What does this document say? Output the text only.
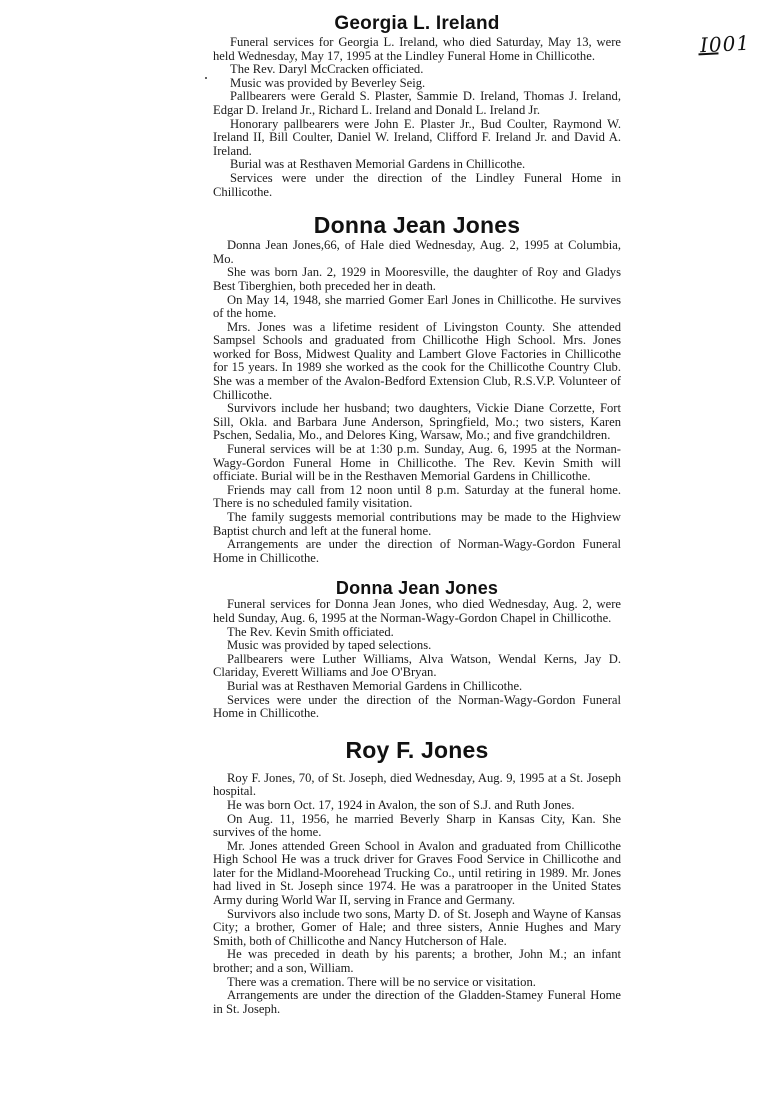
Georgia L. Ireland

Funeral services for Georgia L. Ireland, who died Saturday, May 13, were held Wednesday, May 17, 1995 at the Lindley Funeral Home in Chillicothe.

The Rev. Daryl McCracken officiated.

Music was provided by Beverley Seig.

Pallbearers were Gerald S. Plaster, Sammie D. Ireland, Thomas J. Ireland, Edgar D. Ireland Jr., Richard L. Ireland and Donald L. Ireland Jr.

Honorary pallbearers were John E. Plaster Jr., Bud Coulter, Raymond W. Ireland II, Bill Coulter, Daniel W. Ireland, Clifford F. Ireland Jr. and David A. Ireland.

Burial was at Resthaven Memorial Gardens in Chillicothe.

Services were under the direction of the Lindley Funeral Home in Chillicothe.

Donna Jean Jones

Donna Jean Jones,66, of Hale died Wednesday, Aug. 2, 1995 at Columbia, Mo.

She was born Jan. 2, 1929 in Mooresville, the daughter of Roy and Gladys Best Tiberghien, both preceded her in death.

On May 14, 1948, she married Gomer Earl Jones in Chillicothe. He survives of the home.

Mrs. Jones was a lifetime resident of Livingston County. She attended Sampsel Schools and graduated from Chillicothe High School. Mrs. Jones worked for Boss, Midwest Quality and Lambert Glove Factories in Chillicothe for 15 years. In 1989 she worked as the cook for the Chillicothe Country Club. She was a member of the Avalon-Bedford Extension Club, R.S.V.P. Volunteer of Chillicothe.

Survivors include her husband; two daughters, Vickie Diane Corzette, Fort Sill, Okla. and Barbara June Anderson, Springfield, Mo.; two sisters, Karen Pschen, Sedalia, Mo., and Delores King, Warsaw, Mo.; and five grandchildren.

Funeral services will be at 1:30 p.m. Sunday, Aug. 6, 1995 at the Norman-Wagy-Gordon Funeral Home in Chillicothe. The Rev. Kevin Smith will officiate. Burial will be in the Resthaven Memorial Gardens in Chillicothe.

Friends may call from 12 noon until 8 p.m. Saturday at the funeral home. There is no scheduled family visitation.

The family suggests memorial contributions may be made to the Highview Baptist church and left at the funeral home.

Arrangements are under the direction of Norman-Wagy-Gordon Funeral Home in Chillicothe.

Donna Jean Jones

Funeral services for Donna Jean Jones, who died Wednesday, Aug. 2, were held Sunday, Aug. 6, 1995 at the Norman-Wagy-Gordon Chapel in Chillicothe.

The Rev. Kevin Smith officiated.

Music was provided by taped selections.

Pallbearers were Luther Williams, Alva Watson, Wendal Kerns, Jay D. Clariday, Everett Williams and Joe O'Bryan.

Burial was at Resthaven Memorial Gardens in Chillicothe.

Services were under the direction of the Norman-Wagy-Gordon Funeral Home in Chillicothe.

Roy F. Jones

Roy F. Jones, 70, of St. Joseph, died Wednesday, Aug. 9, 1995 at a St. Joseph hospital.

He was born Oct. 17, 1924 in Avalon, the son of S.J. and Ruth Jones.

On Aug. 11, 1956, he married Beverly Sharp in Kansas City, Kan. She survives of the home.

Mr. Jones attended Green School in Avalon and graduated from Chillicothe High School He was a truck driver for Graves Food Service in Chillicothe and later for the Midland-Moorehead Trucking Co., until retiring in 1989. Mr. Jones had lived in St. Joseph since 1974. He was a paratrooper in the United States Army during World War II, serving in France and Germany.

Survivors also include two sons, Marty D. of St. Joseph and Wayne of Kansas City; a brother, Gomer of Hale; and three sisters, Annie Hughes and Mary Smith, both of Chillicothe and Nancy Hutcherson of Hale.

He was preceded in death by his parents; a brother, John M.; an infant brother; and a son, William.

There was a cremation. There will be no service or visitation.

Arrangements are under the direction of the Gladden-Stamey Funeral Home in St. Joseph.

I001
